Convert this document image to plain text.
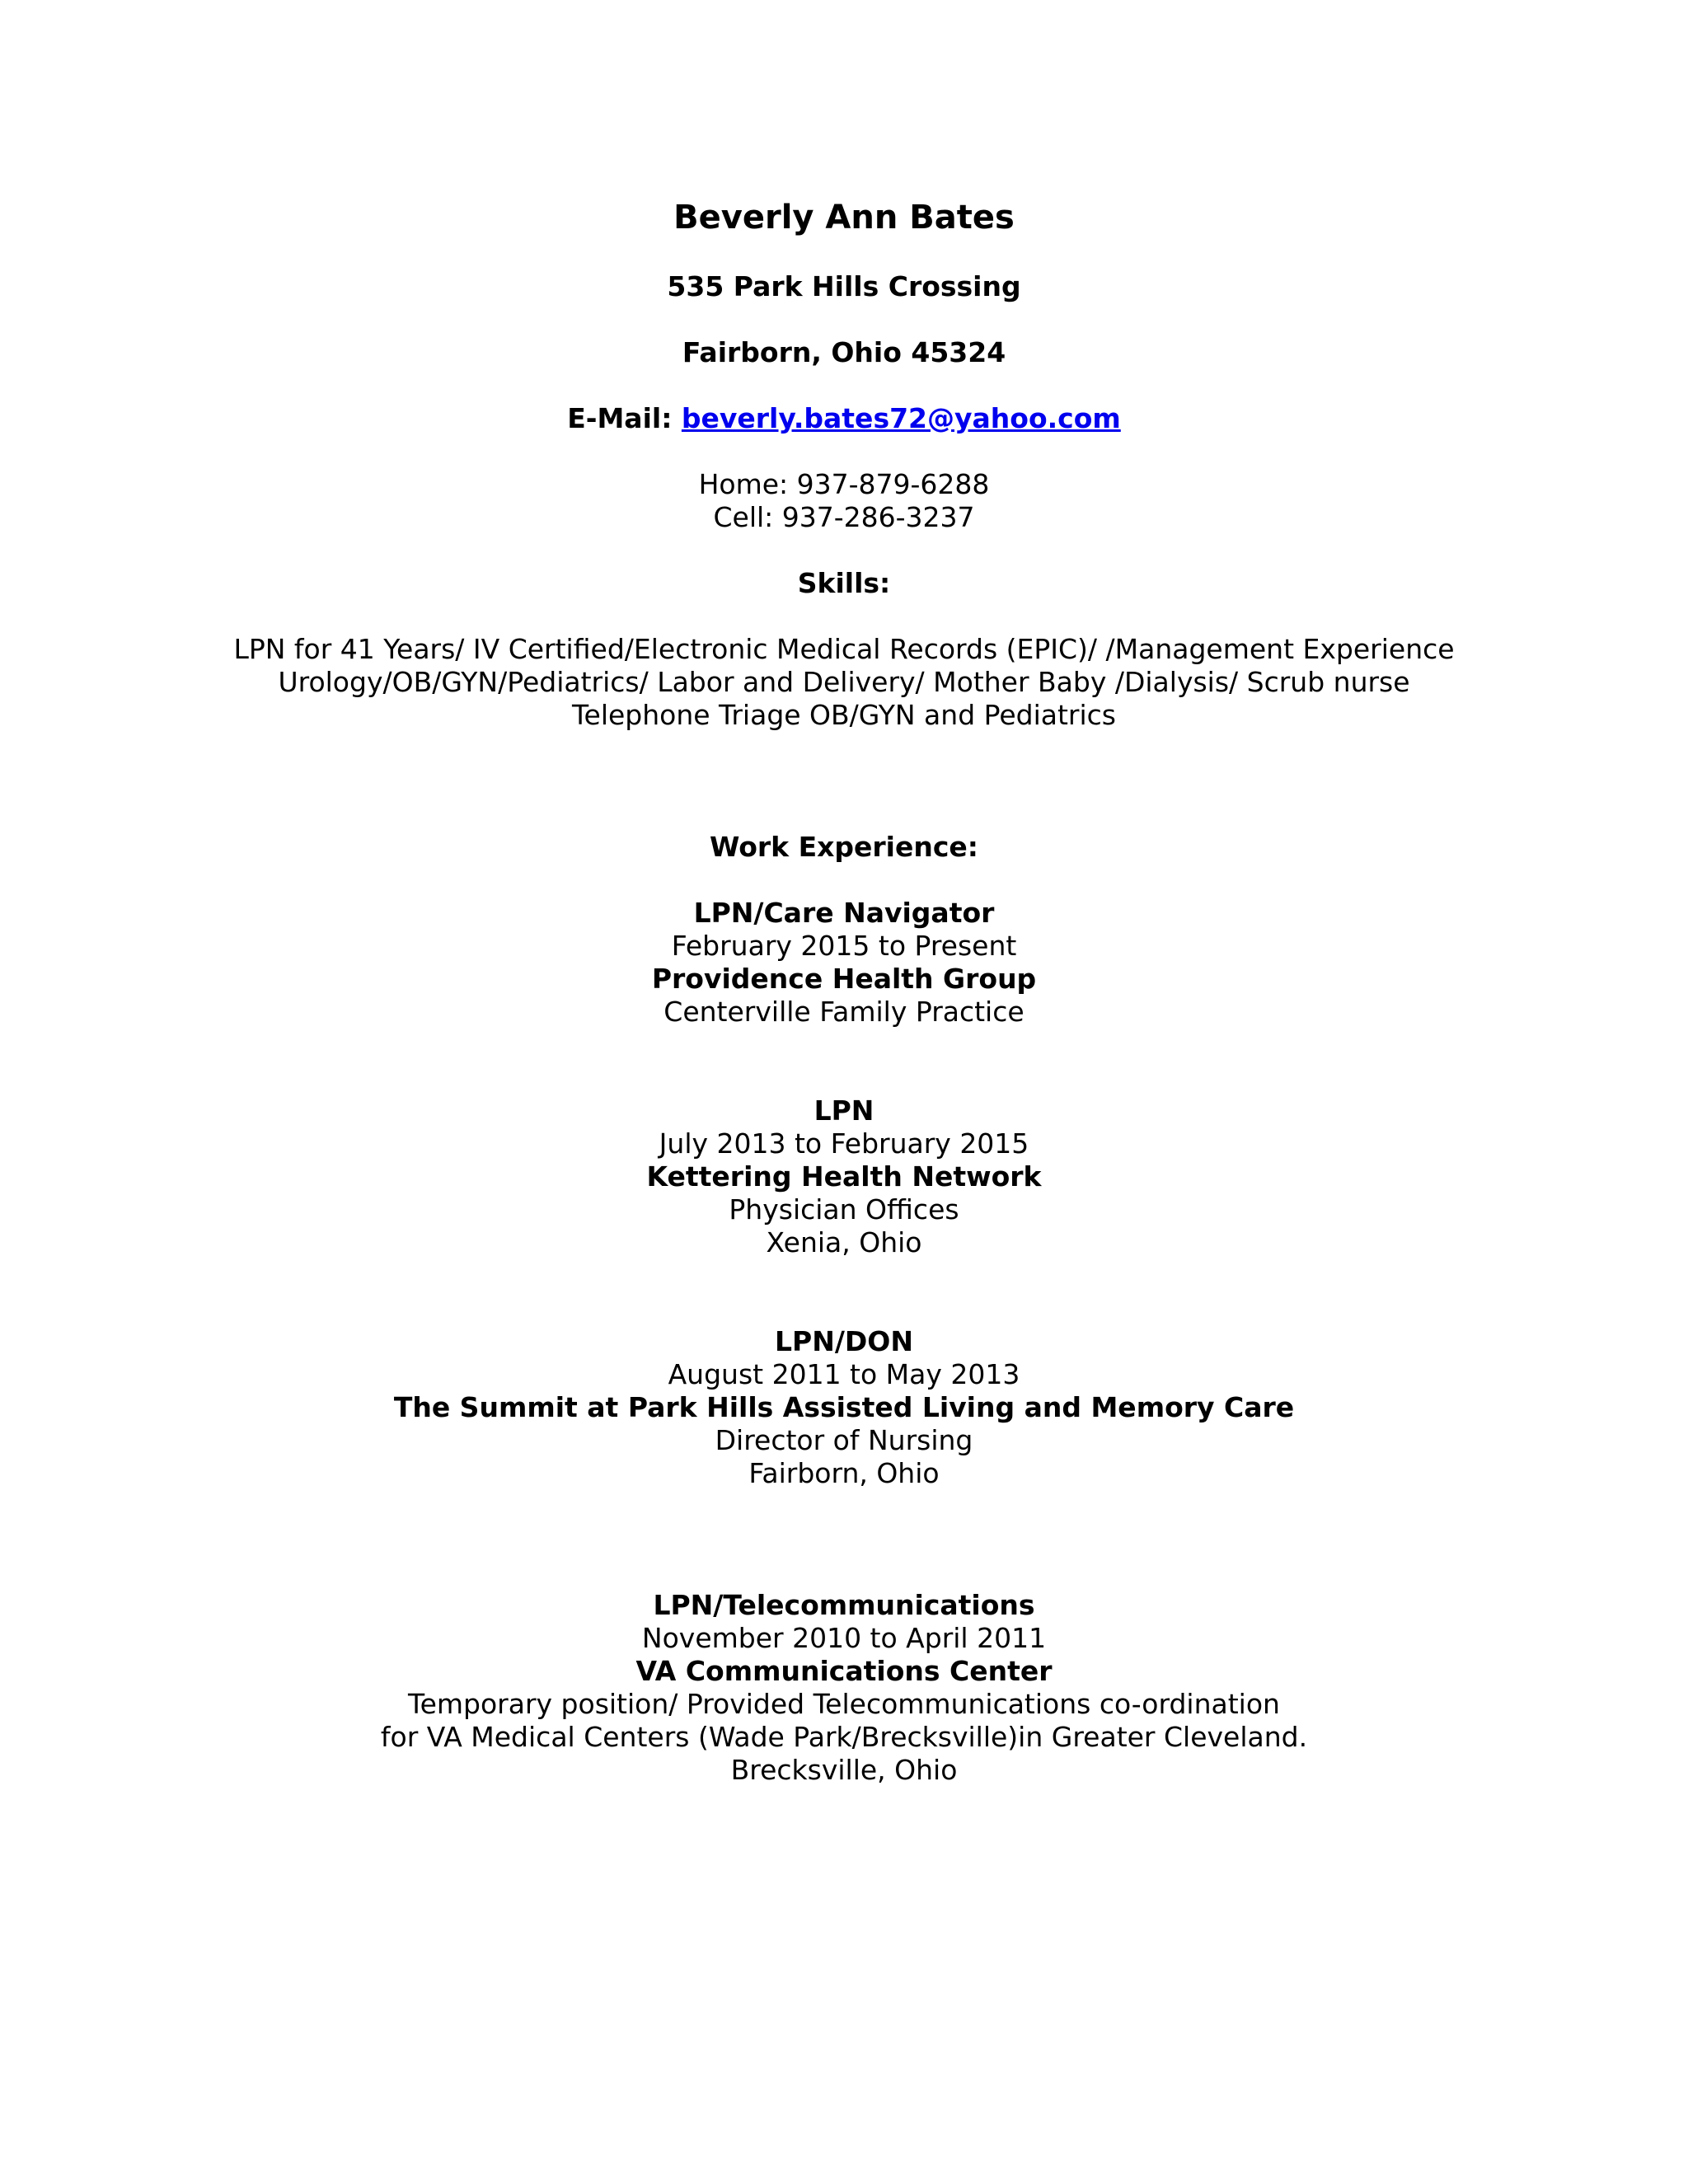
Beverly Ann Bates
535 Park Hills Crossing
Fairborn, Ohio 45324
E-Mail: beverly.bates72@yahoo.com
Home: 937-879-6288
Cell: 937-286-3237
Skills:
LPN for 41 Years/ IV Certified/Electronic Medical Records (EPIC)/ /Management Experience
Urology/OB/GYN/Pediatrics/ Labor and Delivery/ Mother Baby /Dialysis/ Scrub nurse
Telephone Triage OB/GYN and Pediatrics
Work Experience:
LPN/Care Navigator
February 2015 to Present
Providence Health Group
Centerville Family Practice
LPN
July 2013 to February 2015
Kettering Health Network
Physician Offices
Xenia, Ohio
LPN/DON
August 2011 to May 2013
The Summit at Park Hills Assisted Living and Memory Care
Director of Nursing
Fairborn, Ohio
LPN/Telecommunications
November 2010 to April 2011
VA Communications Center
Temporary position/ Provided Telecommunications co-ordination
for VA Medical Centers (Wade Park/Brecksville)in Greater Cleveland.
Brecksville, Ohio
